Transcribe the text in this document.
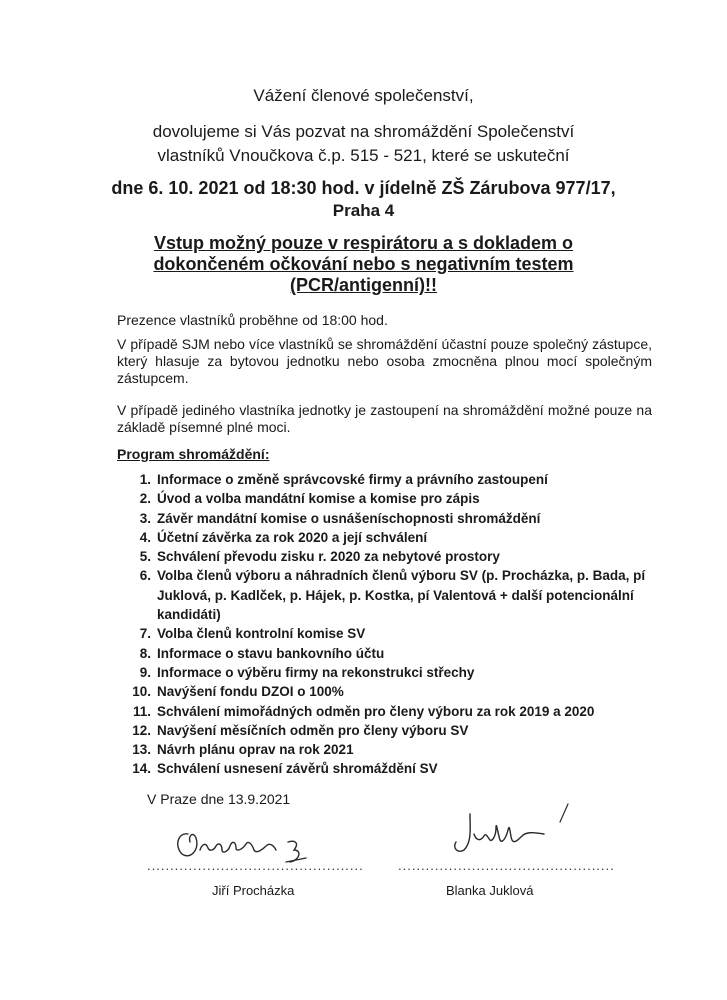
Vážení členové společenství,
dovolujeme si Vás pozvat na shromáždění Společenství
vlastníků Vnoučkova č.p. 515 - 521, které se uskuteční
dne 6. 10. 2021 od 18:30 hod. v jídelně ZŠ Zárubova 977/17,
Praha 4
Vstup možný pouze v respirátoru a s dokladem o
dokončeném očkování nebo s negativním testem
(PCR/antigenní)!!
Prezence vlastníků proběhne od 18:00 hod.
V případě SJM nebo více vlastníků se shromáždění účastní pouze společný zástupce, který hlasuje za bytovou jednotku nebo osoba zmocněna plnou mocí společným zástupcem.
V případě jediného vlastníka jednotky je zastoupení na shromáždění možné pouze na základě písemné plné moci.
Program shromáždění:
1. Informace o změně správcovské firmy a právního zastoupení
2. Úvod a volba mandátní komise a komise pro zápis
3. Závěr mandátní komise o usnášeníschopnosti shromáždění
4. Účetní závěrka za rok 2020 a její schválení
5. Schválení převodu zisku r. 2020 za nebytové prostory
6. Volba členů výboru a náhradních členů výboru SV (p. Procházka, p. Bada, pí Juklová, p. Kadlček, p. Hájek, p. Kostka, pí Valentová + další potencionální kandidáti)
7. Volba členů kontrolní komise SV
8. Informace o stavu bankovního účtu
9. Informace o výběru firmy na rekonstrukci střechy
10. Navýšení fondu DZOI o 100%
11. Schválení mimořádných odměn pro členy výboru za rok 2019 a 2020
12. Navýšení měsíčních odměn pro členy výboru SV
13. Návrh plánu oprav na rok 2021
14. Schválení usnesení závěrů shromáždění SV
V Praze dne 13.9.2021
...............................................	...............................................
Jiří Procházka	Blanka Juklová
